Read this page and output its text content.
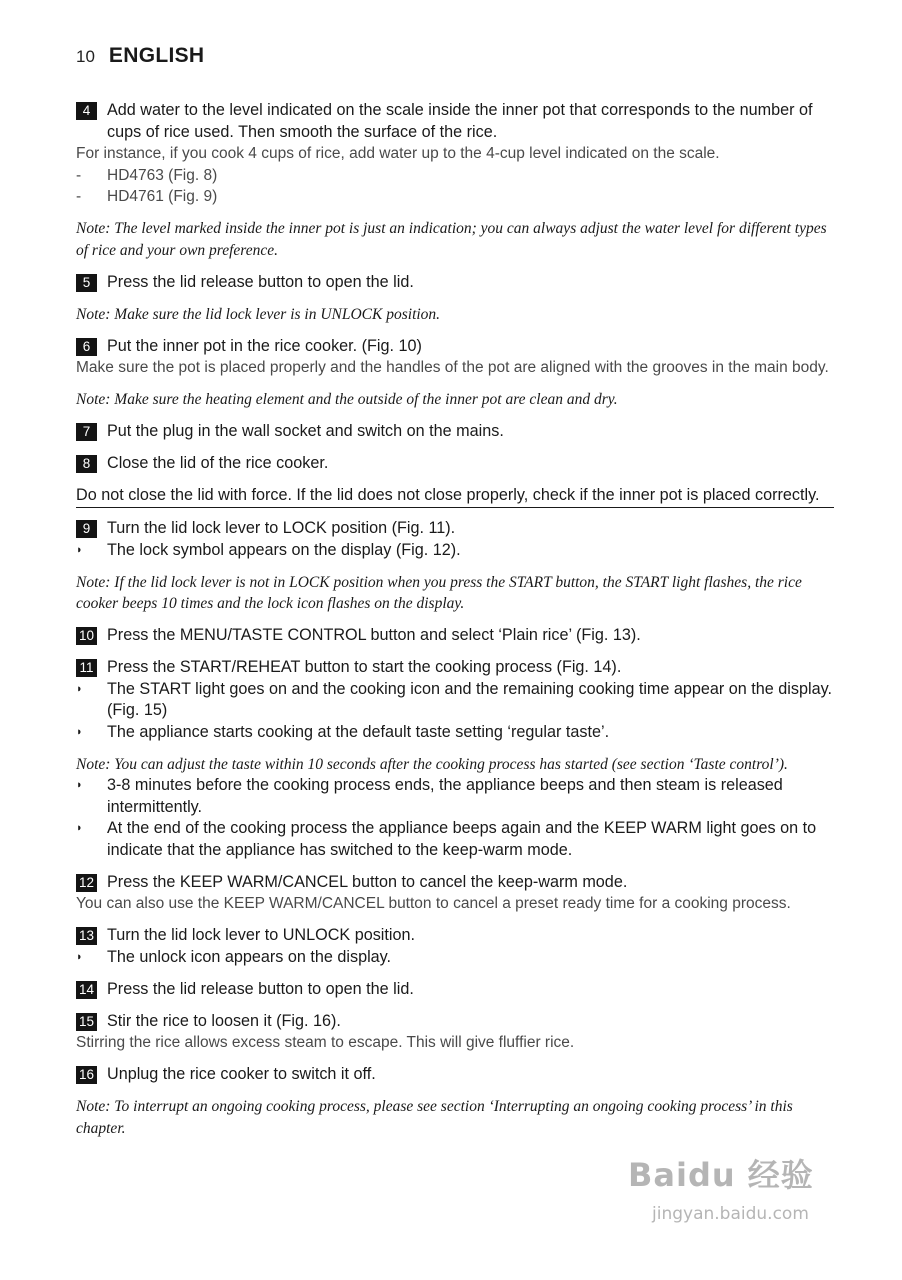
10 ENGLISH
4	Add water to the level indicated on the scale inside the inner pot that corresponds to the number of cups of rice used. Then smooth the surface of the rice.
For instance, if you cook 4 cups of rice, add water up to the 4-cup level indicated on the scale.
- HD4763 (Fig. 8)
- HD4761 (Fig. 9)
Note: The level marked inside the inner pot is just an indication; you can always adjust the water level for different types of rice and your own preference.
5	Press the lid release button to open the lid.
Note: Make sure the lid lock lever is in UNLOCK position.
6	Put the inner pot in the rice cooker. (Fig. 10)
Make sure the pot is placed properly and the handles of the pot are aligned with the grooves in the main body.
Note: Make sure the heating element and the outside of the inner pot are clean and dry.
7	Put the plug in the wall socket and switch on the mains.
8	Close the lid of the rice cooker.
Do not close the lid with force. If the lid does not close properly, check if the inner pot is placed correctly.
9	Turn the lid lock lever to LOCK position (Fig. 11).
◗ The lock symbol appears on the display (Fig. 12).
Note: If the lid lock lever is not in LOCK position when you press the START button, the START light flashes, the rice cooker beeps 10 times and the lock icon flashes on the display.
10 Press the MENU/TASTE CONTROL button and select ‘Plain rice’ (Fig. 13).
11 Press the START/REHEAT button to start the cooking process (Fig. 14).
◗ The START light goes on and the cooking icon and the remaining cooking time appear on the display. (Fig. 15)
◗ The appliance starts cooking at the default taste setting ‘regular taste’.
Note: You can adjust the taste within 10 seconds after the cooking process has started (see section ‘Taste control’).
◗ 3-8 minutes before the cooking process ends, the appliance beeps and then steam is released intermittently.
◗ At the end of the cooking process the appliance beeps again and the KEEP WARM light goes on to indicate that the appliance has switched to the keep-warm mode.
12 Press the KEEP WARM/CANCEL button to cancel the keep-warm mode.
You can also use the KEEP WARM/CANCEL button to cancel a preset ready time for a cooking process.
13 Turn the lid lock lever to UNLOCK position.
◗ The unlock icon appears on the display.
14 Press the lid release button to open the lid.
15 Stir the rice to loosen it (Fig. 16).
Stirring the rice allows excess steam to escape. This will give fluffier rice.
16 Unplug the rice cooker to switch it off.
Note: To interrupt an ongoing cooking process, please see section ‘Interrupting an ongoing cooking process’ in this chapter.
Baidu 经验
jingyan.baidu.com
